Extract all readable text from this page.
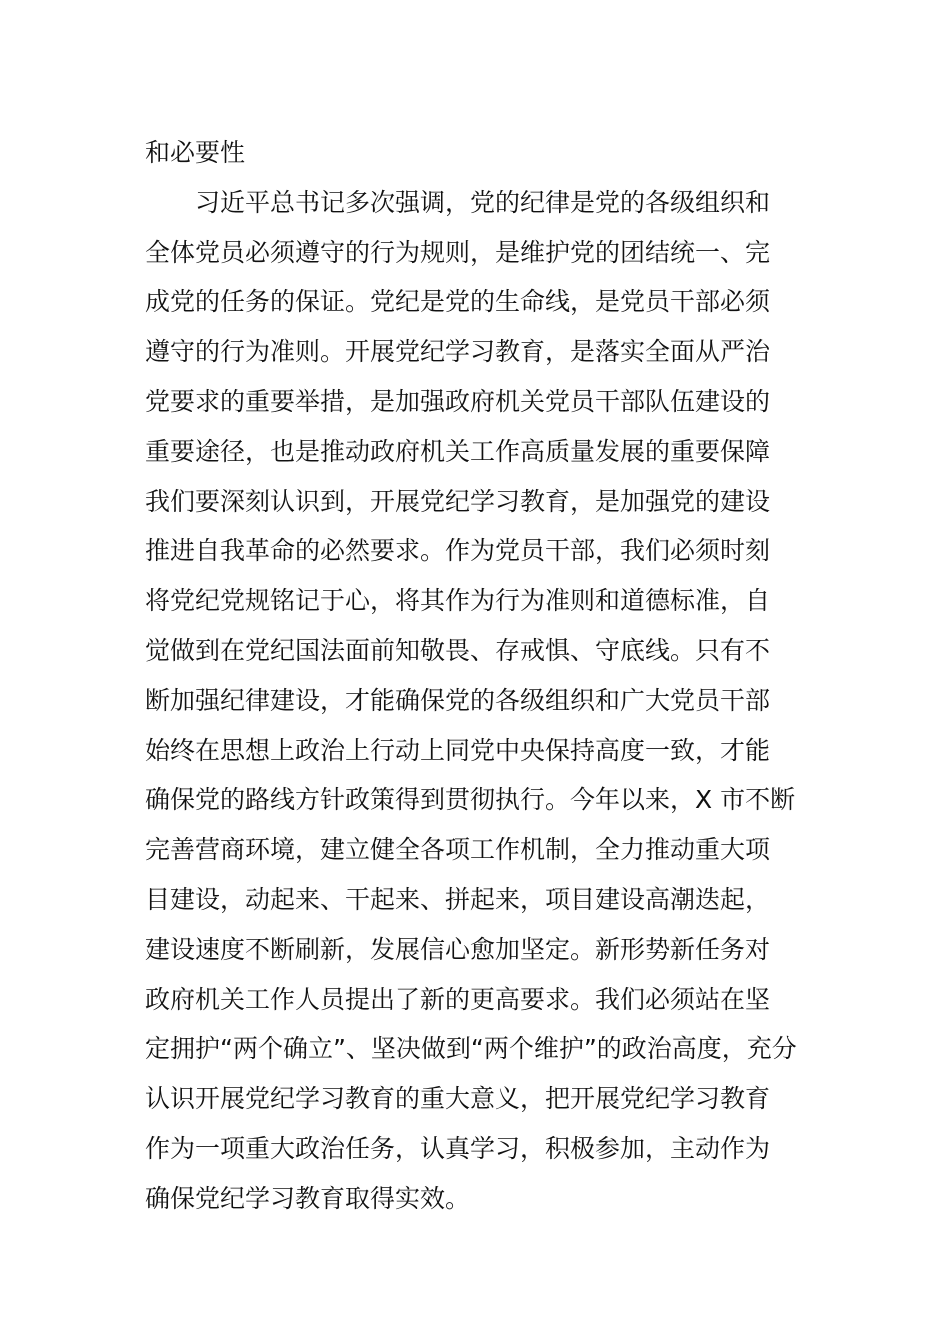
和必要性
习近平总书记多次强调，党的纪律是党的各级组织和
全体党员必须遵守的行为规则，是维护党的团结统一、完
成党的任务的保证。党纪是党的生命线，是党员干部必须
遵守的行为准则。开展党纪学习教育，是落实全面从严治
党要求的重要举措，是加强政府机关党员干部队伍建设的
重要途径，也是推动政府机关工作高质量发展的重要保障
我们要深刻认识到，开展党纪学习教育，是加强党的建设
推进自我革命的必然要求。作为党员干部，我们必须时刻
将党纪党规铭记于心，将其作为行为准则和道德标准，自
觉做到在党纪国法面前知敬畏、存戒惧、守底线。只有不
断加强纪律建设，才能确保党的各级组织和广大党员干部
始终在思想上政治上行动上同党中央保持高度一致，才能
确保党的路线方针政策得到贯彻执行。今年以来，X 市不断
完善营商环境，建立健全各项工作机制，全力推动重大项
目建设，动起来、干起来、拼起来，项目建设高潮迭起，
建设速度不断刷新，发展信心愈加坚定。新形势新任务对
政府机关工作人员提出了新的更高要求。我们必须站在坚
定拥护“两个确立”、坚决做到“两个维护”的政治高度，充分
认识开展党纪学习教育的重大意义，把开展党纪学习教育
作为一项重大政治任务，认真学习，积极参加，主动作为
确保党纪学习教育取得实效。
